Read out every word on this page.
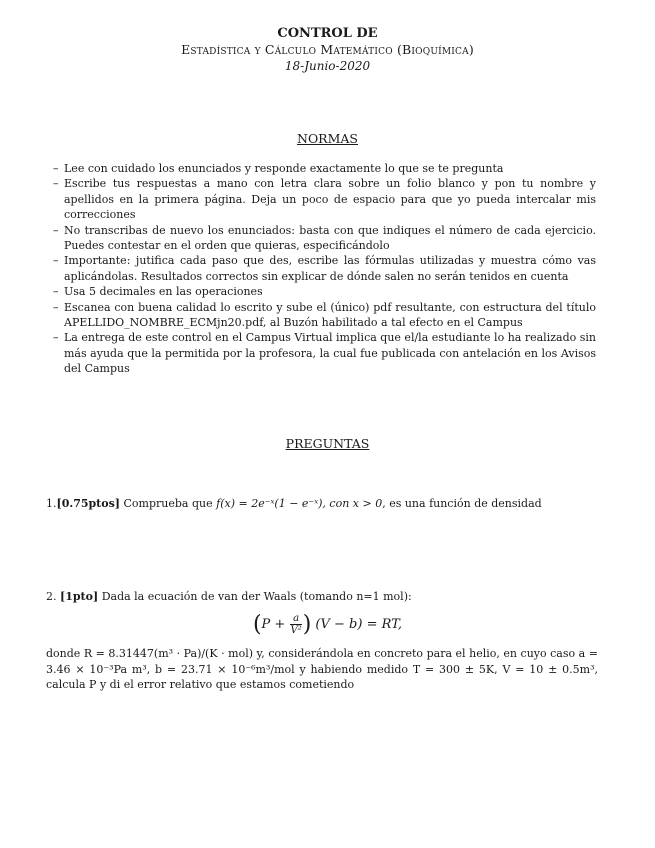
CONTROL DE
Estadística y Cálculo Matemático (Bioquímica)
18-Junio-2020
NORMAS
– Lee con cuidado los enunciados y responde exactamente lo que se te pregunta
– Escribe tus respuestas a mano con letra clara sobre un folio blanco y pon tu nombre y apellidos en la primera página. Deja un poco de espacio para que yo pueda intercalar mis correcciones
– No transcribas de nuevo los enunciados: basta con que indiques el número de cada ejercicio. Puedes contestar en el orden que quieras, especificándolo
– Importante: jutifica cada paso que des, escribe las fórmulas utilizadas y muestra cómo vas aplicándolas. Resultados correctos sin explicar de dónde salen no serán tenidos en cuenta
– Usa 5 decimales en las operaciones
– Escanea con buena calidad lo escrito y sube el (único) pdf resultante, con estructura del título APELLIDO_NOMBRE_ECMjn20.pdf, al Buzón habilitado a tal efecto en el Campus
– La entrega de este control en el Campus Virtual implica que el/la estudiante lo ha realizado sin más ayuda que la permitida por la profesora, la cual fue publicada con antelación en los Avisos del Campus
PREGUNTAS
1.[0.75ptos] Comprueba que f(x) = 2e⁻ˣ(1 − e⁻ˣ), con x > 0, es una función de densidad
2. [1pto] Dada la ecuación de van der Waals (tomando n=1 mol):
($P + \frac{a}{\text{V²}}$ ) (V − b) = RT,
donde R = 8.31447(m³ · Pa)/(K · mol) y, considerándola en concreto para el helio, en cuyo caso a = 3.46 × 10⁻³Pa m³, b = 23.71 × 10⁻⁶m³/mol y habiendo medido T = 300 ± 5K, V = 10 ± 0.5m³, calcula P y di el error relativo que estamos cometiendo
